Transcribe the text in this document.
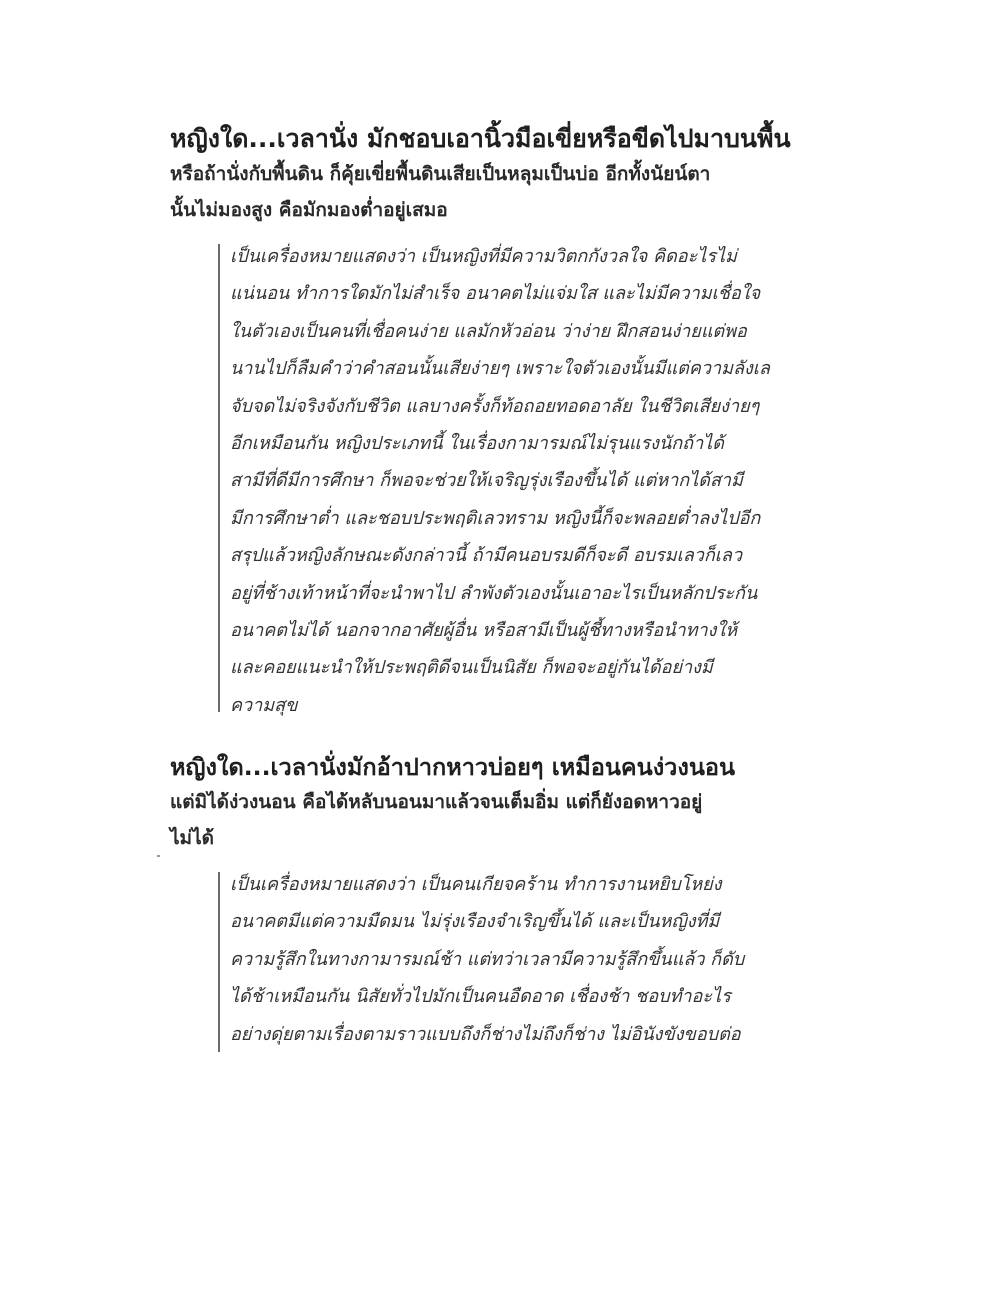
หญิงใด...เวลานั่ง มักชอบเอานิ้วมือเขี่ยหรือขีดไปมาบนพื้น
หรือถ้านั่งกับพื้นดิน ก็คุ้ยเขี่ยพื้นดินเสียเป็นหลุมเป็นบ่อ อีกทั้งนัยน์ตา
นั้นไม่มองสูง คือมักมองต่ำอยู่เสมอ
เป็นเครื่องหมายแสดงว่า เป็นหญิงที่มีความวิตกกังวลใจ คิดอะไรไม่
แน่นอน ทำการใดมักไม่สำเร็จ อนาคตไม่แจ่มใส และไม่มีความเชื่อใจ
ในตัวเองเป็นคนที่เชื่อคนง่าย แลมักหัวอ่อน ว่าง่าย ฝึกสอนง่ายแต่พอ
นานไปก็ลืมคำว่าคำสอนนั้นเสียง่ายๆ เพราะใจตัวเองนั้นมีแต่ความลังเล
จับจดไม่จริงจังกับชีวิต แลบางครั้งก็ท้อถอยทอดอาลัย ในชีวิตเสียง่ายๆ
อีกเหมือนกัน หญิงประเภทนี้ ในเรื่องกามารมณ์ไม่รุนแรงนักถ้าได้
สามีที่ดีมีการศึกษา ก็พอจะช่วยให้เจริญรุ่งเรืองขึ้นได้ แต่หากได้สามี
มีการศึกษาต่ำ และชอบประพฤติเลวทราม หญิงนี้ก็จะพลอยต่ำลงไปอีก
สรุปแล้วหญิงลักษณะดังกล่าวนี้ ถ้ามีคนอบรมดีก็จะดี อบรมเลวก็เลว
อยู่ที่ช้างเท้าหน้าที่จะนำพาไป ลำพังตัวเองนั้นเอาอะไรเป็นหลักประกัน
อนาคตไม่ได้ นอกจากอาศัยผู้อื่น หรือสามีเป็นผู้ชี้ทางหรือนำทางให้
และคอยแนะนำให้ประพฤติดีจนเป็นนิสัย ก็พอจะอยู่กันได้อย่างมี
ความสุข
หญิงใด...เวลานั่งมักอ้าปากหาวบ่อยๆ เหมือนคนง่วงนอน
แต่มิได้ง่วงนอน คือได้หลับนอนมาแล้วจนเต็มอิ่ม แต่ก็ยังอดหาวอยู่
ไม่ได้
เป็นเครื่องหมายแสดงว่า เป็นคนเกียจคร้าน ทำการงานหยิบโหย่ง
อนาคตมีแต่ความมืดมน ไม่รุ่งเรืองจำเริญขึ้นได้ และเป็นหญิงที่มี
ความรู้สึกในทางกามารมณ์ช้า แต่ทว่าเวลามีความรู้สึกขึ้นแล้ว ก็ดับ
ได้ช้าเหมือนกัน นิสัยทั่วไปมักเป็นคนอืดอาด เชื่องช้า ชอบทำอะไร
อย่างดุ่ยตามเรื่องตามราวแบบถึงก็ช่างไม่ถึงก็ช่าง ไม่อินังขังขอบต่อ
